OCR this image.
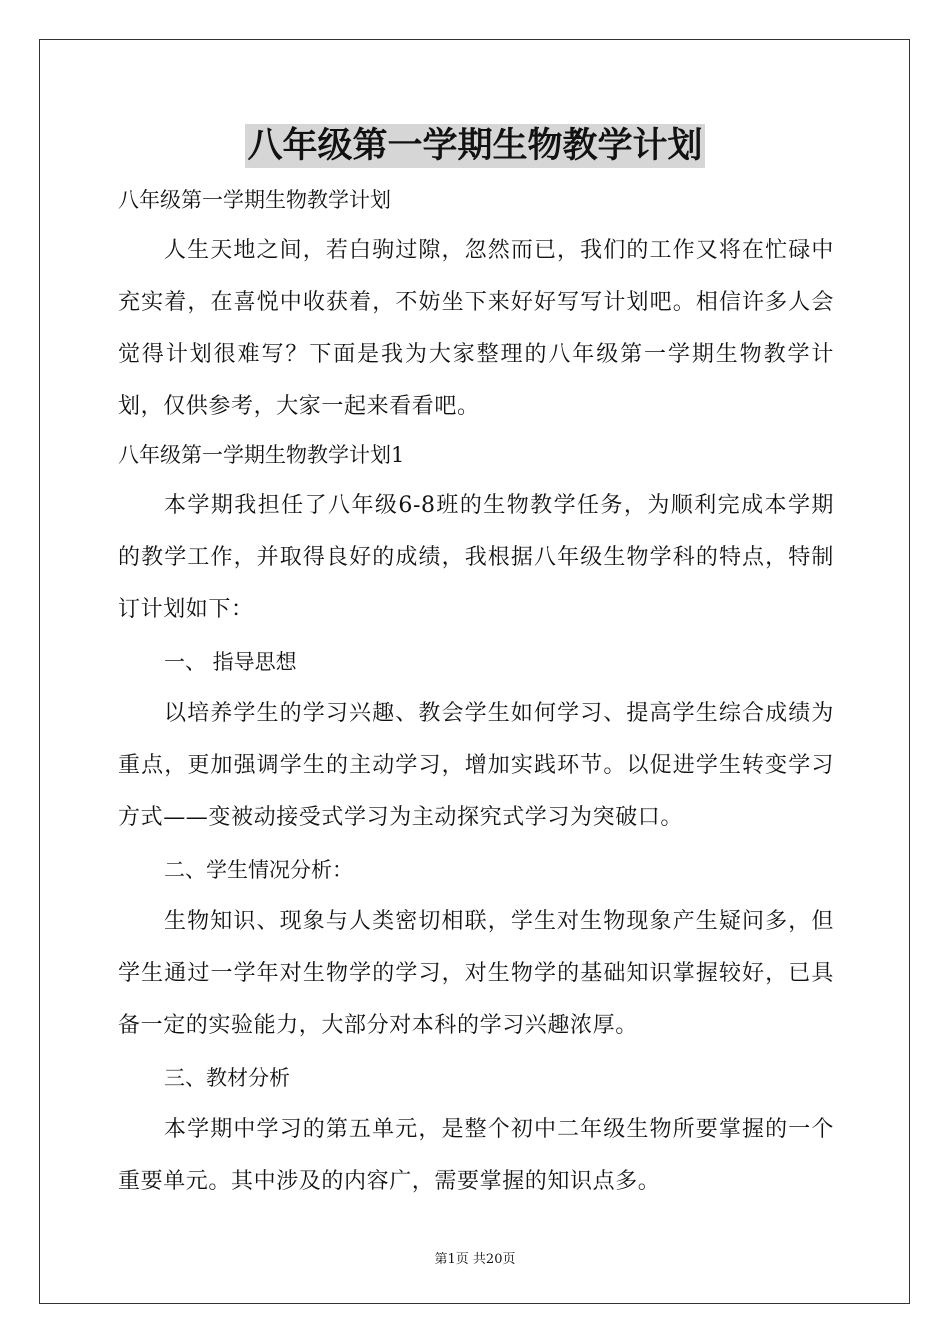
八年级第一学期生物教学计划

八年级第一学期生物教学计划

人生天地之间，若白驹过隙，忽然而已，我们的工作又将在忙碌中充实着，在喜悦中收获着，不妨坐下来好好写写计划吧。相信许多人会觉得计划很难写？下面是我为大家整理的八年级第一学期生物教学计划，仅供参考，大家一起来看看吧。

八年级第一学期生物教学计划1

本学期我担任了八年级6-8班的生物教学任务，为顺利完成本学期的教学工作，并取得良好的成绩，我根据八年级生物学科的特点，特制订计划如下：

一、 指导思想

以培养学生的学习兴趣、教会学生如何学习、提高学生综合成绩为重点，更加强调学生的主动学习，增加实践环节。以促进学生转变学习方式——变被动接受式学习为主动探究式学习为突破口。

二、学生情况分析：

生物知识、现象与人类密切相联，学生对生物现象产生疑问多，但学生通过一学年对生物学的学习，对生物学的基础知识掌握较好，已具备一定的实验能力，大部分对本科的学习兴趣浓厚。

三、教材分析

本学期中学习的第五单元，是整个初中二年级生物所要掌握的一个重要单元。其中涉及的内容广，需要掌握的知识点多。

第1页 共20页
